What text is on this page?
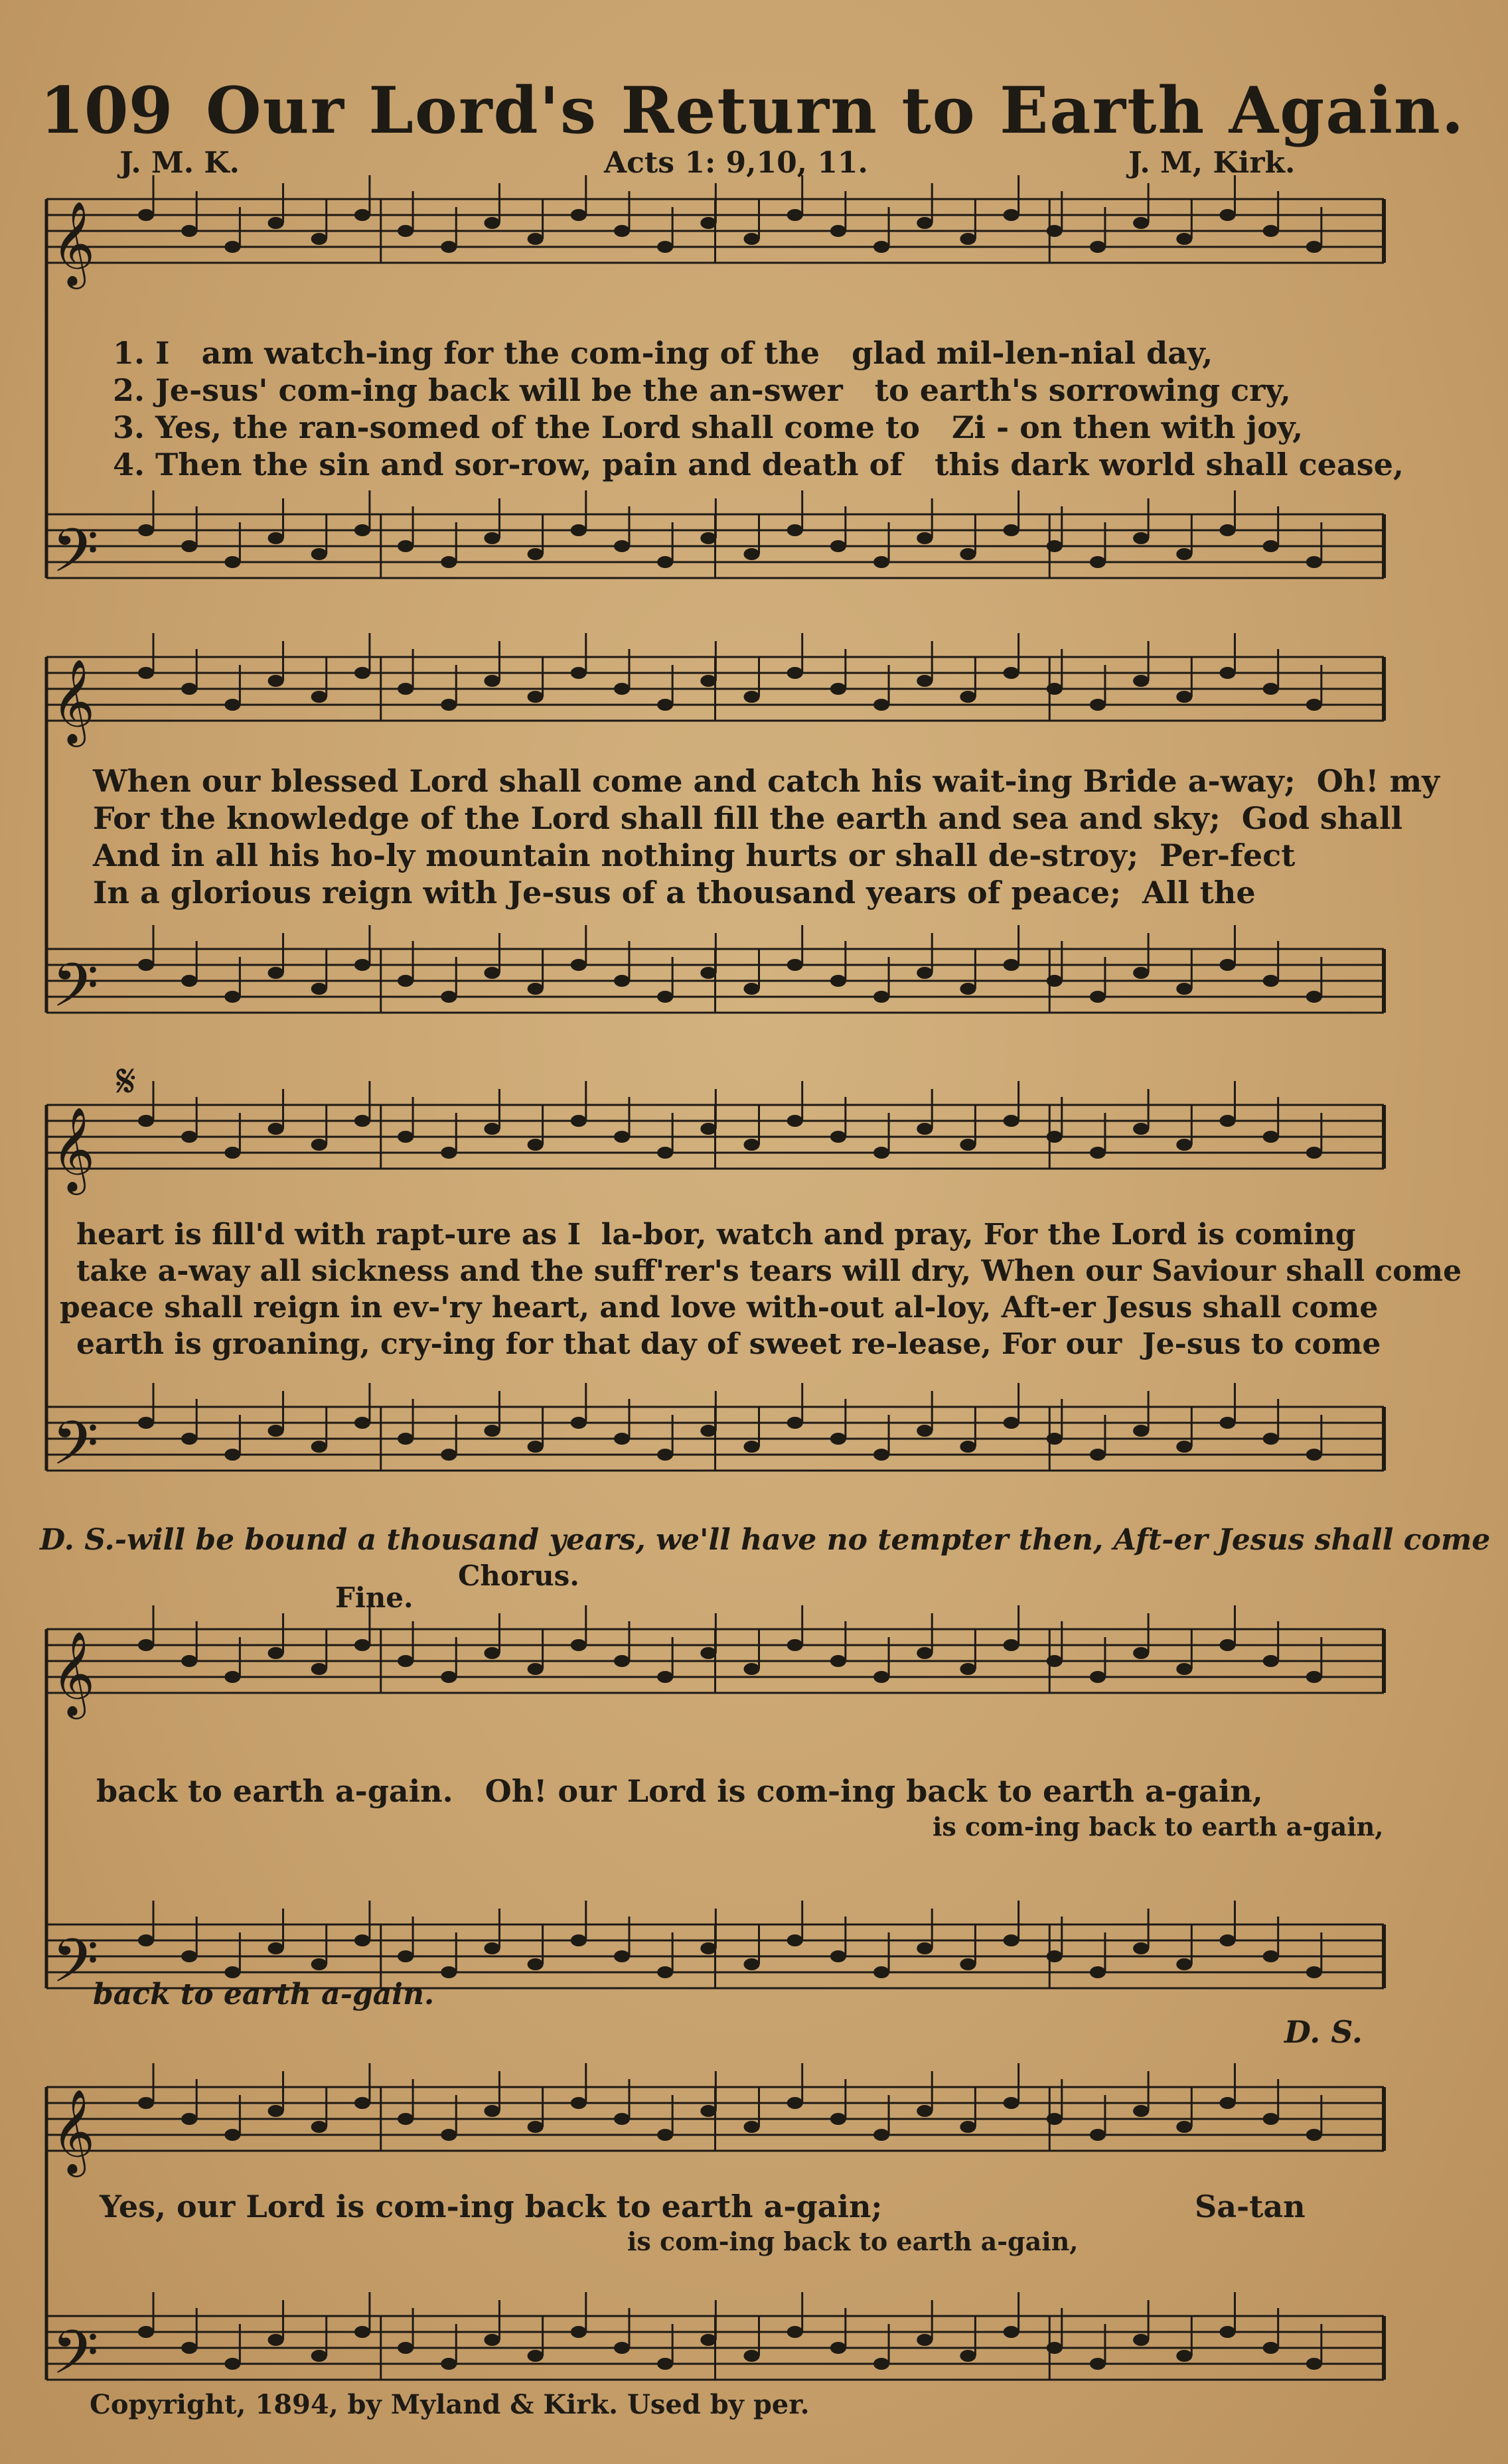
109 Our Lord's Return to Earth Again.
J. M. K.	Acts 1: 9,10, 11.	J. M, Kirk.
𝄞
𝄢
1. I   am watch-ing for the com-ing of the   glad mil-len-nial day,
2. Je-sus' com-ing back will be the an-swer   to earth's sorrowing cry,
3. Yes, the ran-somed of the Lord shall come to   Zi - on then with joy,
4. Then the sin and sor-row, pain and death of   this dark world shall cease,
𝄞
𝄢
When our blessed Lord shall come and catch his wait-ing Bride a-way;  Oh! my
For the knowledge of the Lord shall fill the earth and sea and sky;  God shall
And in all his ho-ly mountain nothing hurts or shall de-stroy;  Per-fect
In a glorious reign with Je-sus of a thousand years of peace;  All the
𝄞
𝄢
𝄋
heart is fill'd with rapt-ure as I  la-bor, watch and pray, For the Lord is coming
take a-way all sickness and the suff'rer's tears will dry, When our Saviour shall come
peace shall reign in ev-'ry heart, and love with-out al-loy, Aft-er Jesus shall come
earth is groaning, cry-ing for that day of sweet re-lease, For our  Je-sus to come
D. S.-will be bound a thousand years, we'll have no tempter then, Aft-er Jesus shall come
𝄞
𝄢
Fine.
Chorus.
back to earth a-gain.   Oh! our Lord is com-ing back to earth a-gain,
is com-ing back to earth a-gain,
back to earth a-gain.
𝄞
𝄢
D. S.
Yes, our Lord is com-ing back to earth a-gain;	Sa-tan
is com-ing back to earth a-gain,
Copyright, 1894, by Myland & Kirk. Used by per.
